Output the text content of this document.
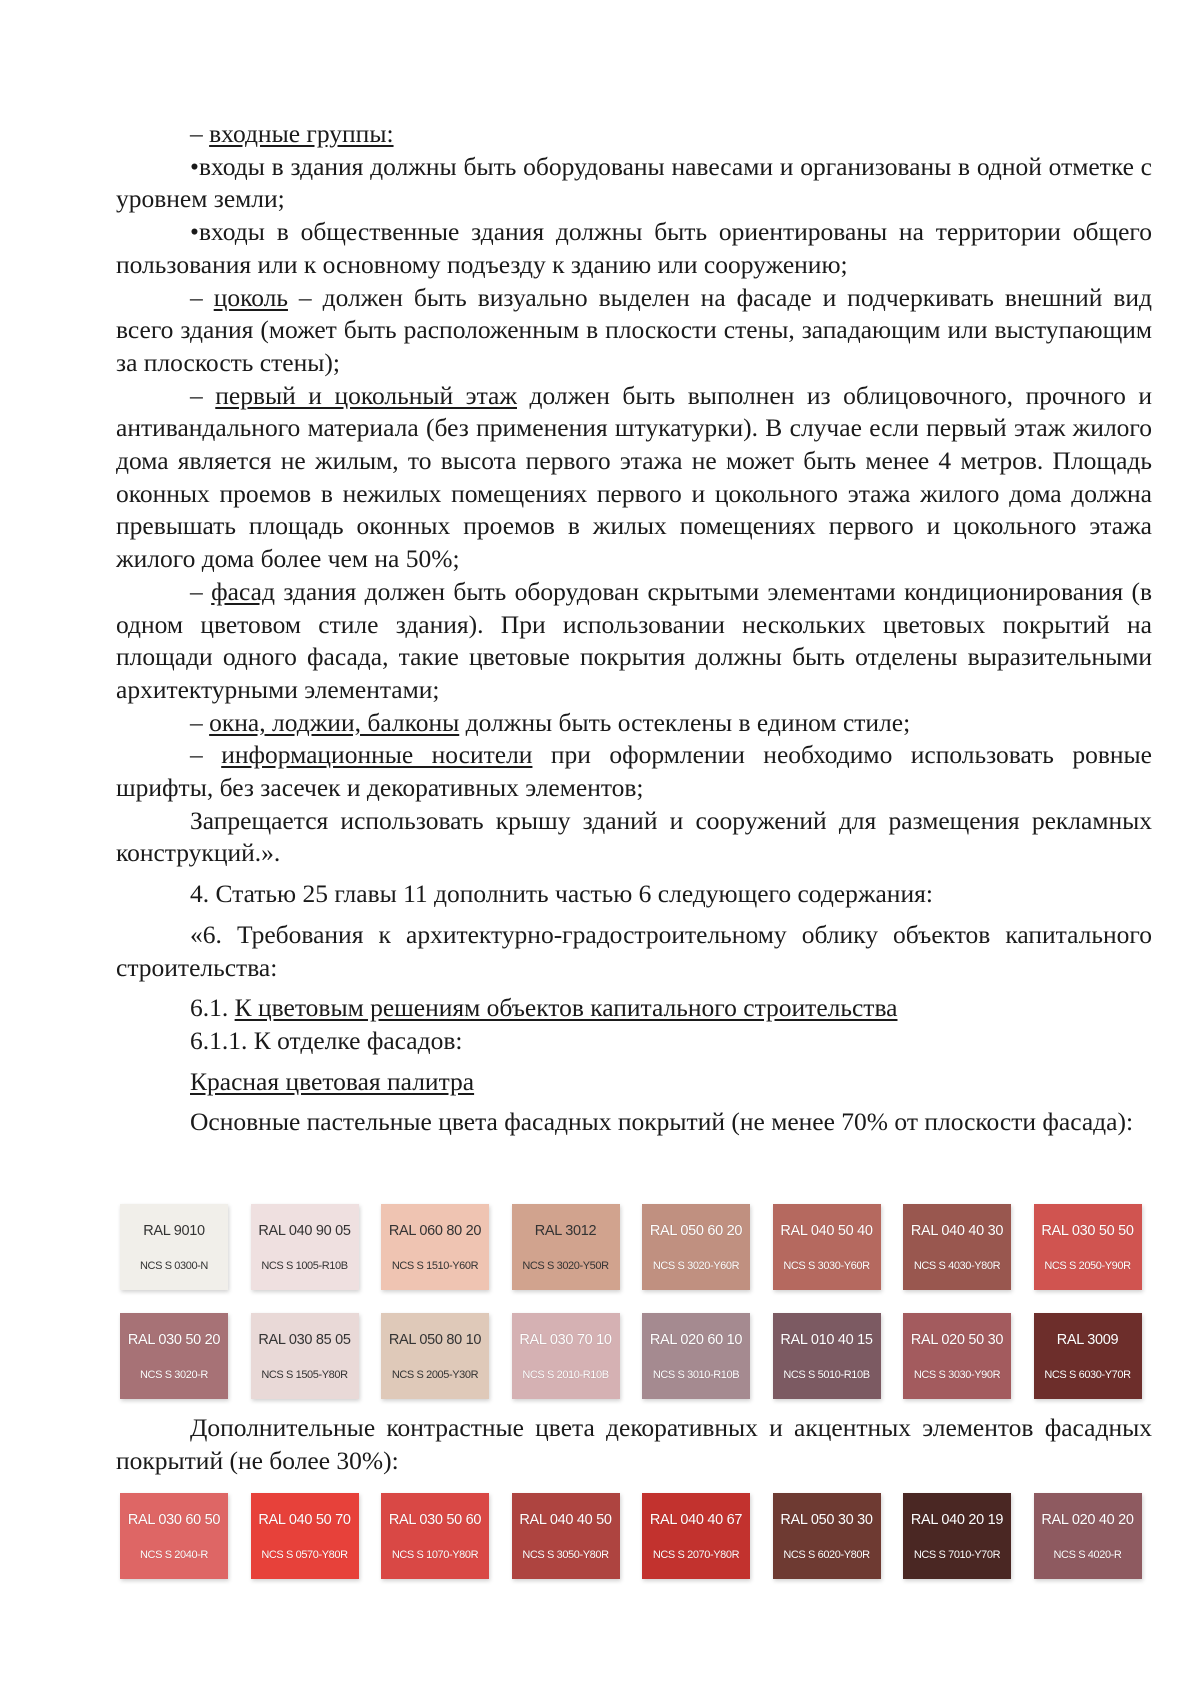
– входные группы:

•входы в здания должны быть оборудованы навесами и организованы в одной отметке с уровнем земли;

•входы в общественные здания должны быть ориентированы на территории общего пользования или к основному подъезду к зданию или сооружению;

– цоколь – должен быть визуально выделен на фасаде и подчеркивать внешний вид всего здания (может быть расположенным в плоскости стены, западающим или выступающим за плоскость стены);

– первый и цокольный этаж должен быть выполнен из облицовочного, прочного и антивандального материала (без применения штукатурки). В случае если первый этаж жилого дома является не жилым, то высота первого этажа не может быть менее 4 метров. Площадь оконных проемов в нежилых помещениях первого и цокольного этажа жилого дома должна превышать площадь оконных проемов в жилых помещениях первого и цокольного этажа жилого дома более чем на 50%;

– фасад здания должен быть оборудован скрытыми элементами кондиционирования (в одном цветовом стиле здания). При использовании нескольких цветовых покрытий на площади одного фасада, такие цветовые покрытия должны быть отделены выразительными архитектурными элементами;

– окна, лоджии, балконы должны быть остеклены в едином стиле;

– информационные носители при оформлении необходимо использовать ровные шрифты, без засечек и декоративных элементов;

Запрещается использовать крышу зданий и сооружений для размещения рекламных конструкций.».

4. Статью 25 главы 11 дополнить частью 6 следующего содержания:

«6. Требования к архитектурно-градостроительному облику объектов капитального строительства:

6.1. К цветовым решениям объектов капитального строительства

6.1.1. К отделке фасадов:

Красная цветовая палитра

Основные пастельные цвета фасадных покрытий (не менее 70% от плоскости фасада):

RAL 9010
NCS S 0300-N
RAL 040 90 05
NCS S 1005-R10B
RAL 060 80 20
NCS S 1510-Y60R
RAL 3012
NCS S 3020-Y50R
RAL 050 60 20
NCS S 3020-Y60R
RAL 040 50 40
NCS S 3030-Y60R
RAL 040 40 30
NCS S 4030-Y80R
RAL 030 50 50
NCS S 2050-Y90R
RAL 030 50 20
NCS S 3020-R
RAL 030 85 05
NCS S 1505-Y80R
RAL 050 80 10
NCS S 2005-Y30R
RAL 030 70 10
NCS S 2010-R10B
RAL 020 60 10
NCS S 3010-R10B
RAL 010 40 15
NCS S 5010-R10B
RAL 020 50 30
NCS S 3030-Y90R
RAL 3009
NCS S 6030-Y70R

Дополнительные контрастные цвета декоративных и акцентных элементов фасадных покрытий (не более 30%):

RAL 030 60 50
NCS S 2040-R
RAL 040 50 70
NCS S 0570-Y80R
RAL 030 50 60
NCS S 1070-Y80R
RAL 040 40 50
NCS S 3050-Y80R
RAL 040 40 67
NCS S 2070-Y80R
RAL 050 30 30
NCS S 6020-Y80R
RAL 040 20 19
NCS S 7010-Y70R
RAL 020 40 20
NCS S 4020-R
